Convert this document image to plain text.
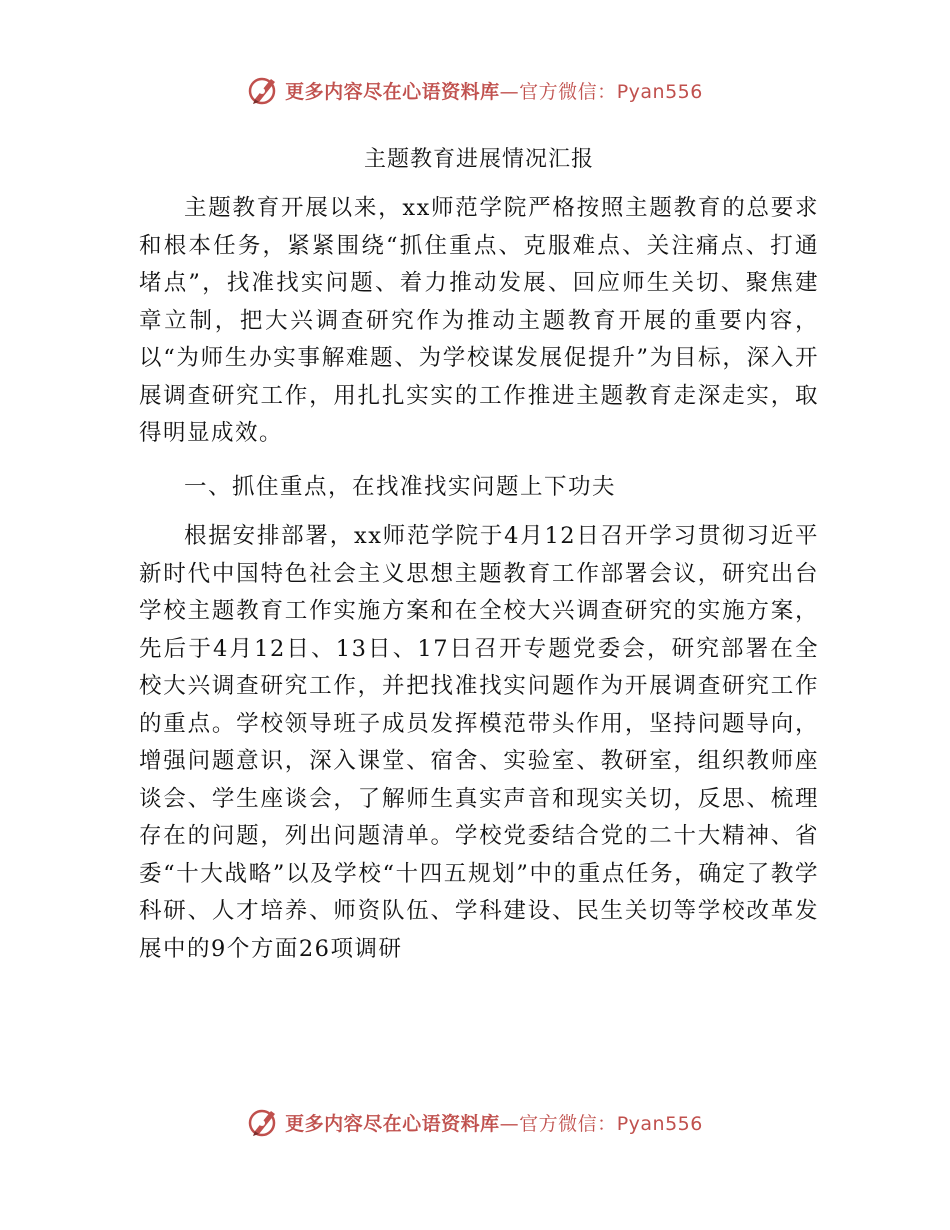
更多内容尽在心语资料库—官方微信：Pyan556
主题教育进展情况汇报

主题教育开展以来，xx师范学院严格按照主题教育的总要求和根本任务，紧紧围绕“抓住重点、克服难点、关注痛点、打通堵点”，找准找实问题、着力推动发展、回应师生关切、聚焦建章立制，把大兴调查研究作为推动主题教育开展的重要内容，以“为师生办实事解难题、为学校谋发展促提升”为目标，深入开展调查研究工作，用扎扎实实的工作推进主题教育走深走实，取得明显成效。

一、抓住重点，在找准找实问题上下功夫

根据安排部署，xx师范学院于4月12日召开学习贯彻习近平新时代中国特色社会主义思想主题教育工作部署会议，研究出台学校主题教育工作实施方案和在全校大兴调查研究的实施方案，先后于4月12日、13日、17日召开专题党委会，研究部署在全校大兴调查研究工作，并把找准找实问题作为开展调查研究工作的重点。学校领导班子成员发挥模范带头作用，坚持问题导向，增强问题意识，深入课堂、宿舍、实验室、教研室，组织教师座谈会、学生座谈会，了解师生真实声音和现实关切，反思、梳理存在的问题，列出问题清单。学校党委结合党的二十大精神、省委“十大战略”以及学校“十四五规划”中的重点任务，确定了教学科研、人才培养、师资队伍、学科建设、民生关切等学校改革发展中的9个方面26项调研

更多内容尽在心语资料库—官方微信：Pyan556
